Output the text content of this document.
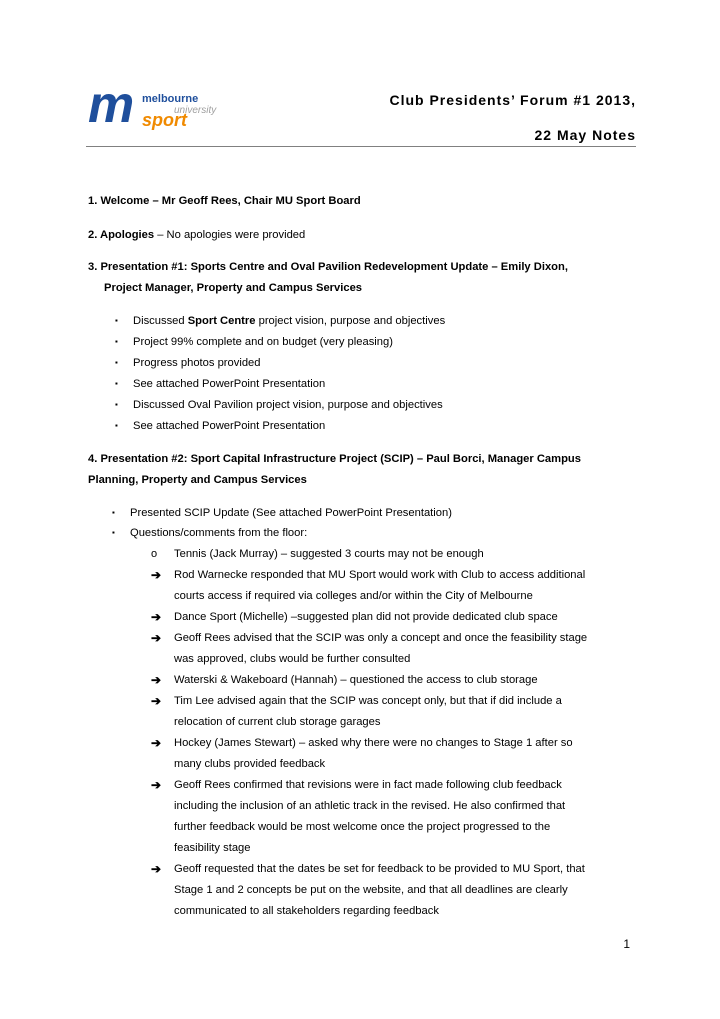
m melbourne
university
sport
Club Presidents’ Forum #1 2013,
22 May Notes
1. Welcome – Mr Geoff Rees, Chair MU Sport Board
2. Apologies – No apologies were provided
3. Presentation #1: Sports Centre and Oval Pavilion Redevelopment Update – Emily Dixon,
Project Manager, Property and Campus Services
▪ Discussed Sport Centre project vision, purpose and objectives
▪ Project 99% complete and on budget (very pleasing)
▪ Progress photos provided
▪ See attached PowerPoint Presentation
▪ Discussed Oval Pavilion project vision, purpose and objectives
▪ See attached PowerPoint Presentation
4. Presentation #2: Sport Capital Infrastructure Project (SCIP) – Paul Borci, Manager Campus
Planning, Property and Campus Services
▪ Presented SCIP Update (See attached PowerPoint Presentation)
▪ Questions/comments from the floor:
o Tennis (Jack Murray) – suggested 3 courts may not be enough
➔ Rod Warnecke responded that MU Sport would work with Club to access additional
courts access if required via colleges and/or within the City of Melbourne
➔ Dance Sport (Michelle) –suggested plan did not provide dedicated club space
➔ Geoff Rees advised that the SCIP was only a concept and once the feasibility stage
was approved, clubs would be further consulted
➔ Waterski & Wakeboard (Hannah) – questioned the access to club storage
➔ Tim Lee advised again that the SCIP was concept only, but that if did include a
relocation of current club storage garages
➔ Hockey (James Stewart) – asked why there were no changes to Stage 1 after so
many clubs provided feedback
➔ Geoff Rees confirmed that revisions were in fact made following club feedback
including the inclusion of an athletic track in the revised. He also confirmed that
further feedback would be most welcome once the project progressed to the
feasibility stage
➔ Geoff requested that the dates be set for feedback to be provided to MU Sport, that
Stage 1 and 2 concepts be put on the website, and that all deadlines are clearly
communicated to all stakeholders regarding feedback
1
